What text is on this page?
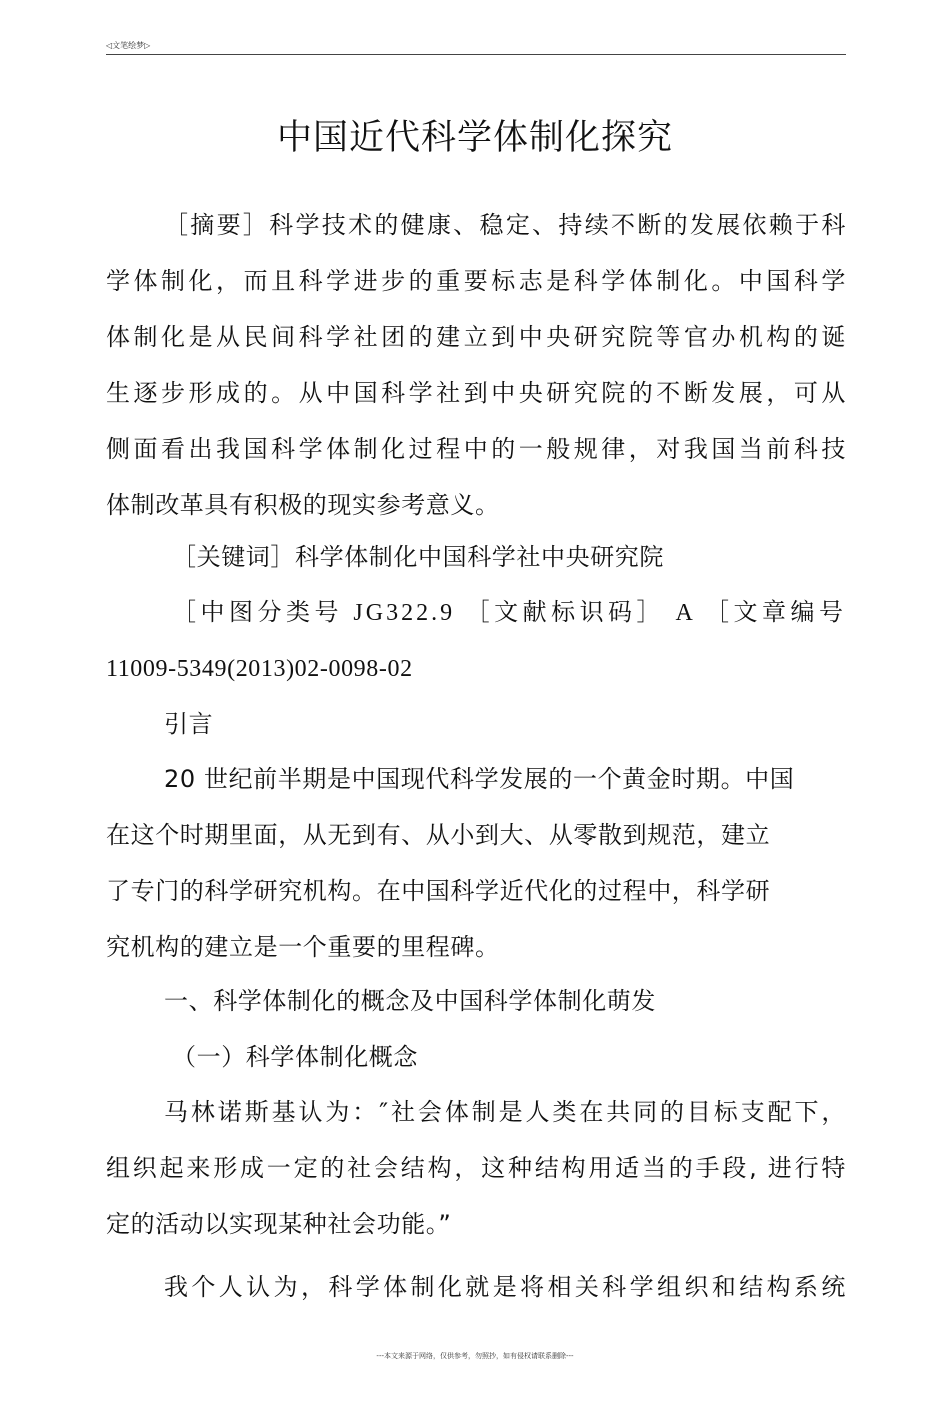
◁文笔绘梦▷
中国近代科学体制化探究
［摘要］科学技术的健康、稳定、持续不断的发展依赖于科
学体制化，而且科学进步的重要标志是科学体制化。中国科学
体制化是从民间科学社团的建立到中央研究院等官办机构的诞
生逐步形成的。从中国科学社到中央研究院的不断发展，可从
侧面看出我国科学体制化过程中的一般规律，对我国当前科技
体制改革具有积极的现实参考意义。
［关键词］科学体制化中国科学社中央研究院
［中图分类号 JG322.9 ［文献标识码］ A ［文章编号
11009-5349(2013)02-0098-02
引言
20 世纪前半期是中国现代科学发展的一个黄金时期。中国
在这个时期里面，从无到有、从小到大、从零散到规范，建立
了专门的科学研究机构。在中国科学近代化的过程中，科学研
究机构的建立是一个重要的里程碑。
一、科学体制化的概念及中国科学体制化萌发
（一）科学体制化概念
马林诺斯基认为：″社会体制是人类在共同的目标支配下，
组织起来形成一定的社会结构，这种结构用适当的手段, 进行特
定的活动以实现某种社会功能。”
我个人认为，科学体制化就是将相关科学组织和结构系统
---本文来源于网络，仅供参考，勿照抄，如有侵权请联系删除---
